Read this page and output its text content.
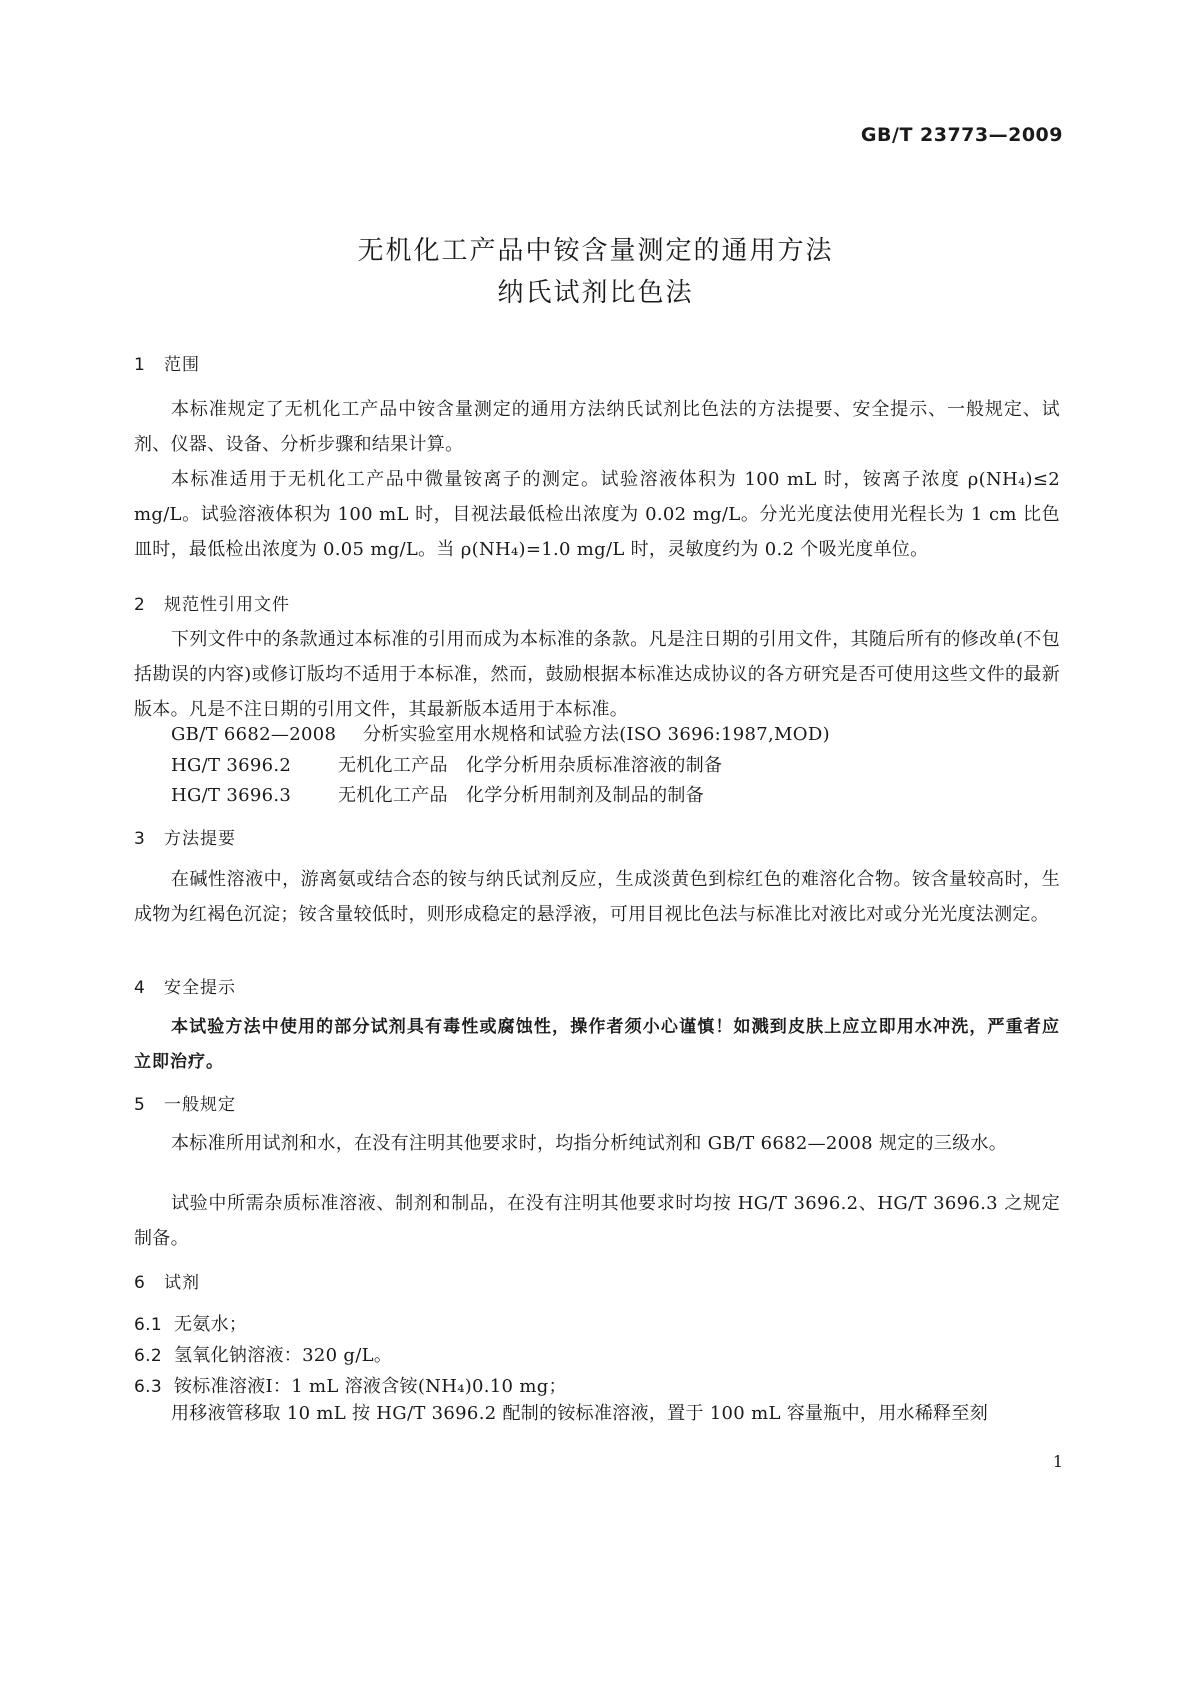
GB/T 23773—2009
无机化工产品中铵含量测定的通用方法
纳氏试剂比色法
1 范围
本标准规定了无机化工产品中铵含量测定的通用方法纳氏试剂比色法的方法提要、安全提示、一般规定、试剂、仪器、设备、分析步骤和结果计算。
本标准适用于无机化工产品中微量铵离子的测定。试验溶液体积为 100 mL 时，铵离子浓度 ρ(NH₄)≤2 mg/L。试验溶液体积为 100 mL 时，目视法最低检出浓度为 0.02 mg/L。分光光度法使用光程长为 1 cm 比色皿时，最低检出浓度为 0.05 mg/L。当 ρ(NH₄)=1.0 mg/L 时，灵敏度约为 0.2 个吸光度单位。
2 规范性引用文件
下列文件中的条款通过本标准的引用而成为本标准的条款。凡是注日期的引用文件，其随后所有的修改单(不包括勘误的内容)或修订版均不适用于本标准，然而，鼓励根据本标准达成协议的各方研究是否可使用这些文件的最新版本。凡是不注日期的引用文件，其最新版本适用于本标准。
GB/T 6682—2008 分析实验室用水规格和试验方法(ISO 3696:1987,MOD)
HG/T 3696.2	无机化工产品　化学分析用杂质标准溶液的制备
HG/T 3696.3	无机化工产品　化学分析用制剂及制品的制备
3 方法提要
在碱性溶液中，游离氨或结合态的铵与纳氏试剂反应，生成淡黄色到棕红色的难溶化合物。铵含量较高时，生成物为红褐色沉淀；铵含量较低时，则形成稳定的悬浮液，可用目视比色法与标准比对液比对或分光光度法测定。
4 安全提示
本试验方法中使用的部分试剂具有毒性或腐蚀性，操作者须小心谨慎！如溅到皮肤上应立即用水冲洗，严重者应立即治疗。
5 一般规定
本标准所用试剂和水，在没有注明其他要求时，均指分析纯试剂和 GB/T 6682—2008 规定的三级水。
试验中所需杂质标准溶液、制剂和制品，在没有注明其他要求时均按 HG/T 3696.2、HG/T 3696.3 之规定制备。
6 试剂
6.1 无氨水；
6.2 氢氧化钠溶液：320 g/L。
6.3 铵标准溶液Ⅰ：1 mL 溶液含铵(NH₄)0.10 mg；
用移液管移取 10 mL 按 HG/T 3696.2 配制的铵标准溶液，置于 100 mL 容量瓶中，用水稀释至刻
1
